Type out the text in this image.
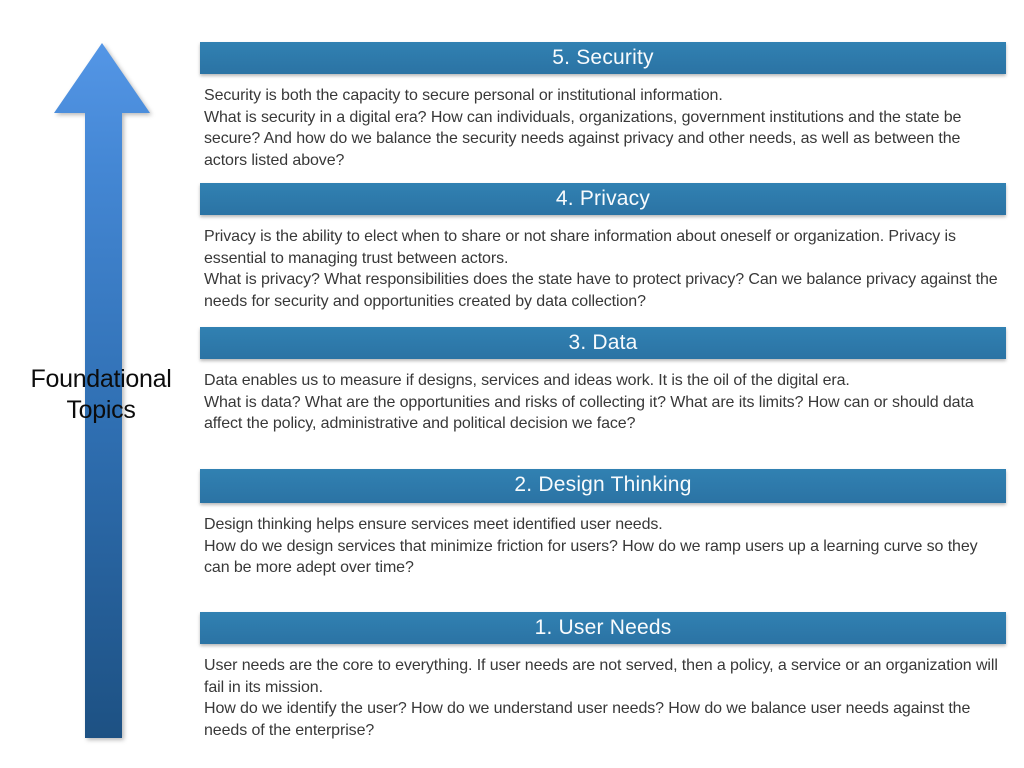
Foundational
Topics
5. Security

Security is both the capacity to secure personal or institutional information.

What is security in a digital era? How can individuals, organizations, government institutions and the state be secure? And how do we balance the security needs against privacy and other needs, as well as between the actors listed above?

4. Privacy

Privacy is the ability to elect when to share or not share information about oneself or organization. Privacy is essential to managing trust between actors.

What is privacy? What responsibilities does the state have to protect privacy? Can we balance privacy against the needs for security and opportunities created by data collection?

3. Data

Data enables us to measure if designs, services and ideas work. It is the oil of the digital era.

What is data? What are the opportunities and risks of collecting it? What are its limits? How can or should data affect the policy, administrative and political decision we face?

2. Design Thinking

Design thinking helps ensure services meet identified user needs.

How do we design services that minimize friction for users? How do we ramp users up a learning curve so they can be more adept over time?

1. User Needs

User needs are the core to everything. If user needs are not served, then a policy, a service or an organization will fail in its mission.

How do we identify the user? How do we understand user needs? How do we balance user needs against the needs of the enterprise?
